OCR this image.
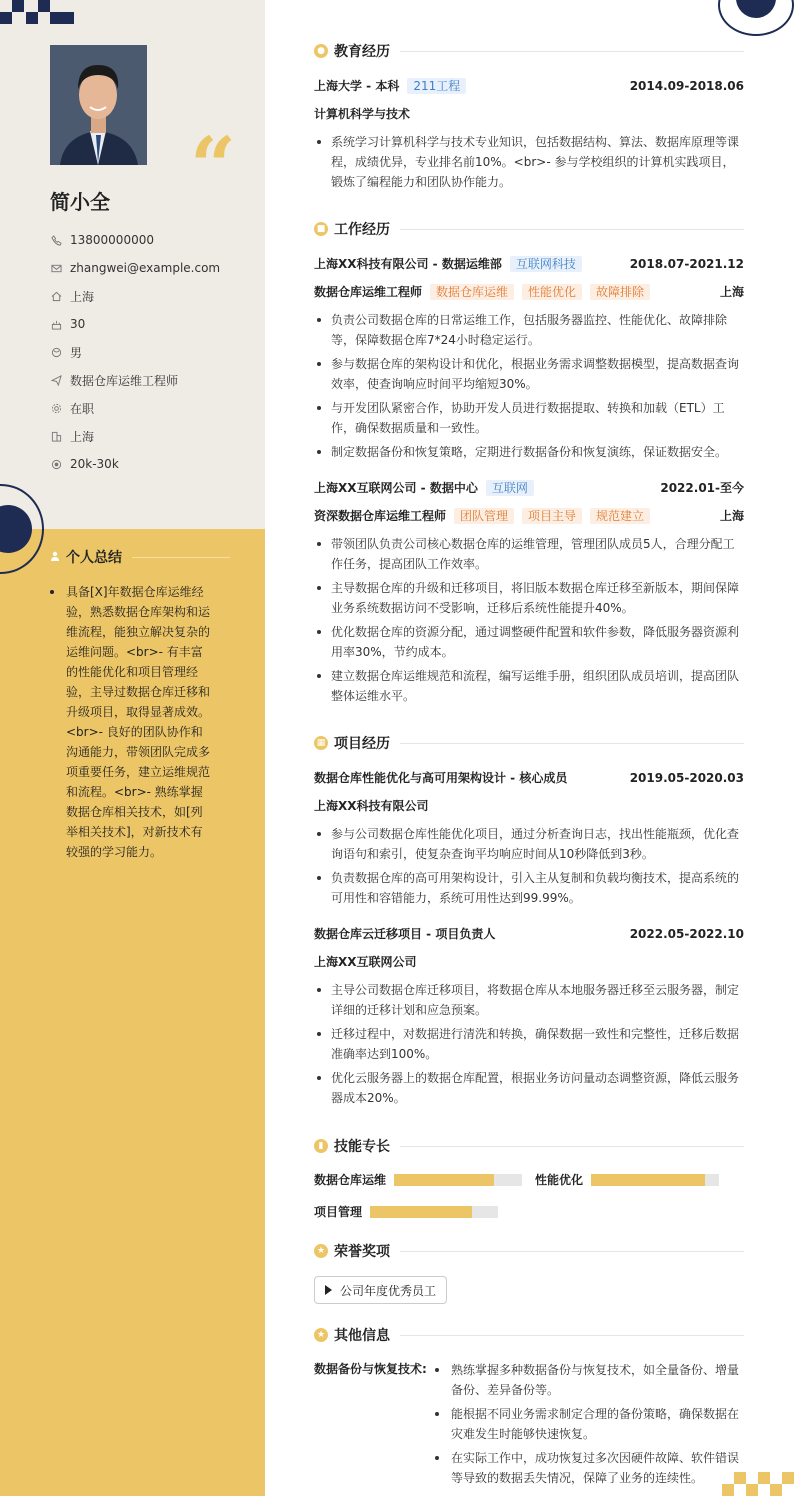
“
简小全
13800000000
zhangwei@example.com
上海
30
男
数据仓库运维工程师
在职
上海
20k-30k
个人总结
具备[X]年数据仓库运维经验，熟悉数据仓库架构和运维流程，能独立解决复杂的运维问题。<br>- 有丰富的性能优化和项目管理经验，主导过数据仓库迁移和升级项目，取得显著成效。<br>- 良好的团队协作和沟通能力，带领团队完成多项重要任务，建立运维规范和流程。<br>- 熟练掌握数据仓库相关技术，如[列举相关技术]，对新技术有较强的学习能力。
● 教育经历
上海大学 - 本科	211工程	2014.09-2018.06
计算机科学与技术
系统学习计算机科学与技术专业知识，包括数据结构、算法、数据库原理等课程，成绩优异，专业排名前10%。<br>- 参与学校组织的计算机实践项目，锻炼了编程能力和团队协作能力。
■ 工作经历
上海XX科技有限公司 - 数据运维部	互联网科技	2018.07-2021.12
数据仓库运维工程师	数据仓库运维	性能优化	故障排除	上海
负责公司数据仓库的日常运维工作，包括服务器监控、性能优化、故障排除等，保障数据仓库7*24小时稳定运行。
参与数据仓库的架构设计和优化，根据业务需求调整数据模型，提高数据查询效率，使查询响应时间平均缩短30%。
与开发团队紧密合作，协助开发人员进行数据提取、转换和加载（ETL）工作，确保数据质量和一致性。
制定数据备份和恢复策略，定期进行数据备份和恢复演练，保证数据安全。
上海XX互联网公司 - 数据中心	互联网	2022.01-至今
资深数据仓库运维工程师	团队管理	项目主导	规范建立	上海
带领团队负责公司核心数据仓库的运维管理，管理团队成员5人，合理分配工作任务，提高团队工作效率。
主导数据仓库的升级和迁移项目，将旧版本数据仓库迁移至新版本，期间保障业务系统数据访问不受影响，迁移后系统性能提升40%。
优化数据仓库的资源分配，通过调整硬件配置和软件参数，降低服务器资源利用率30%，节约成本。
建立数据仓库运维规范和流程，编写运维手册，组织团队成员培训，提高团队整体运维水平。
▦ 项目经历
数据仓库性能优化与高可用架构设计 - 核心成员	2019.05-2020.03
上海XX科技有限公司
参与公司数据仓库性能优化项目，通过分析查询日志，找出性能瓶颈，优化查询语句和索引，使复杂查询平均响应时间从10秒降低到3秒。
负责数据仓库的高可用架构设计，引入主从复制和负载均衡技术，提高系统的可用性和容错能力，系统可用性达到99.99%。
数据仓库云迁移项目 - 项目负责人	2022.05-2022.10
上海XX互联网公司
主导公司数据仓库迁移项目，将数据仓库从本地服务器迁移至云服务器，制定详细的迁移计划和应急预案。
迁移过程中，对数据进行清洗和转换，确保数据一致性和完整性，迁移后数据准确率达到100%。
优化云服务器上的数据仓库配置，根据业务访问量动态调整资源，降低云服务器成本20%。
▮ 技能专长
数据仓库运维	性能优化
项目管理
★ 荣誉奖项
公司年度优秀员工
★ 其他信息
数据备份与恢复技术:	熟练掌握多种数据备份与恢复技术，如全量备份、增量备份、差异备份等。
能根据不同业务需求制定合理的备份策略，确保数据在灾难发生时能够快速恢复。
在实际工作中，成功恢复过多次因硬件故障、软件错误等导致的数据丢失情况，保障了业务的连续性。
